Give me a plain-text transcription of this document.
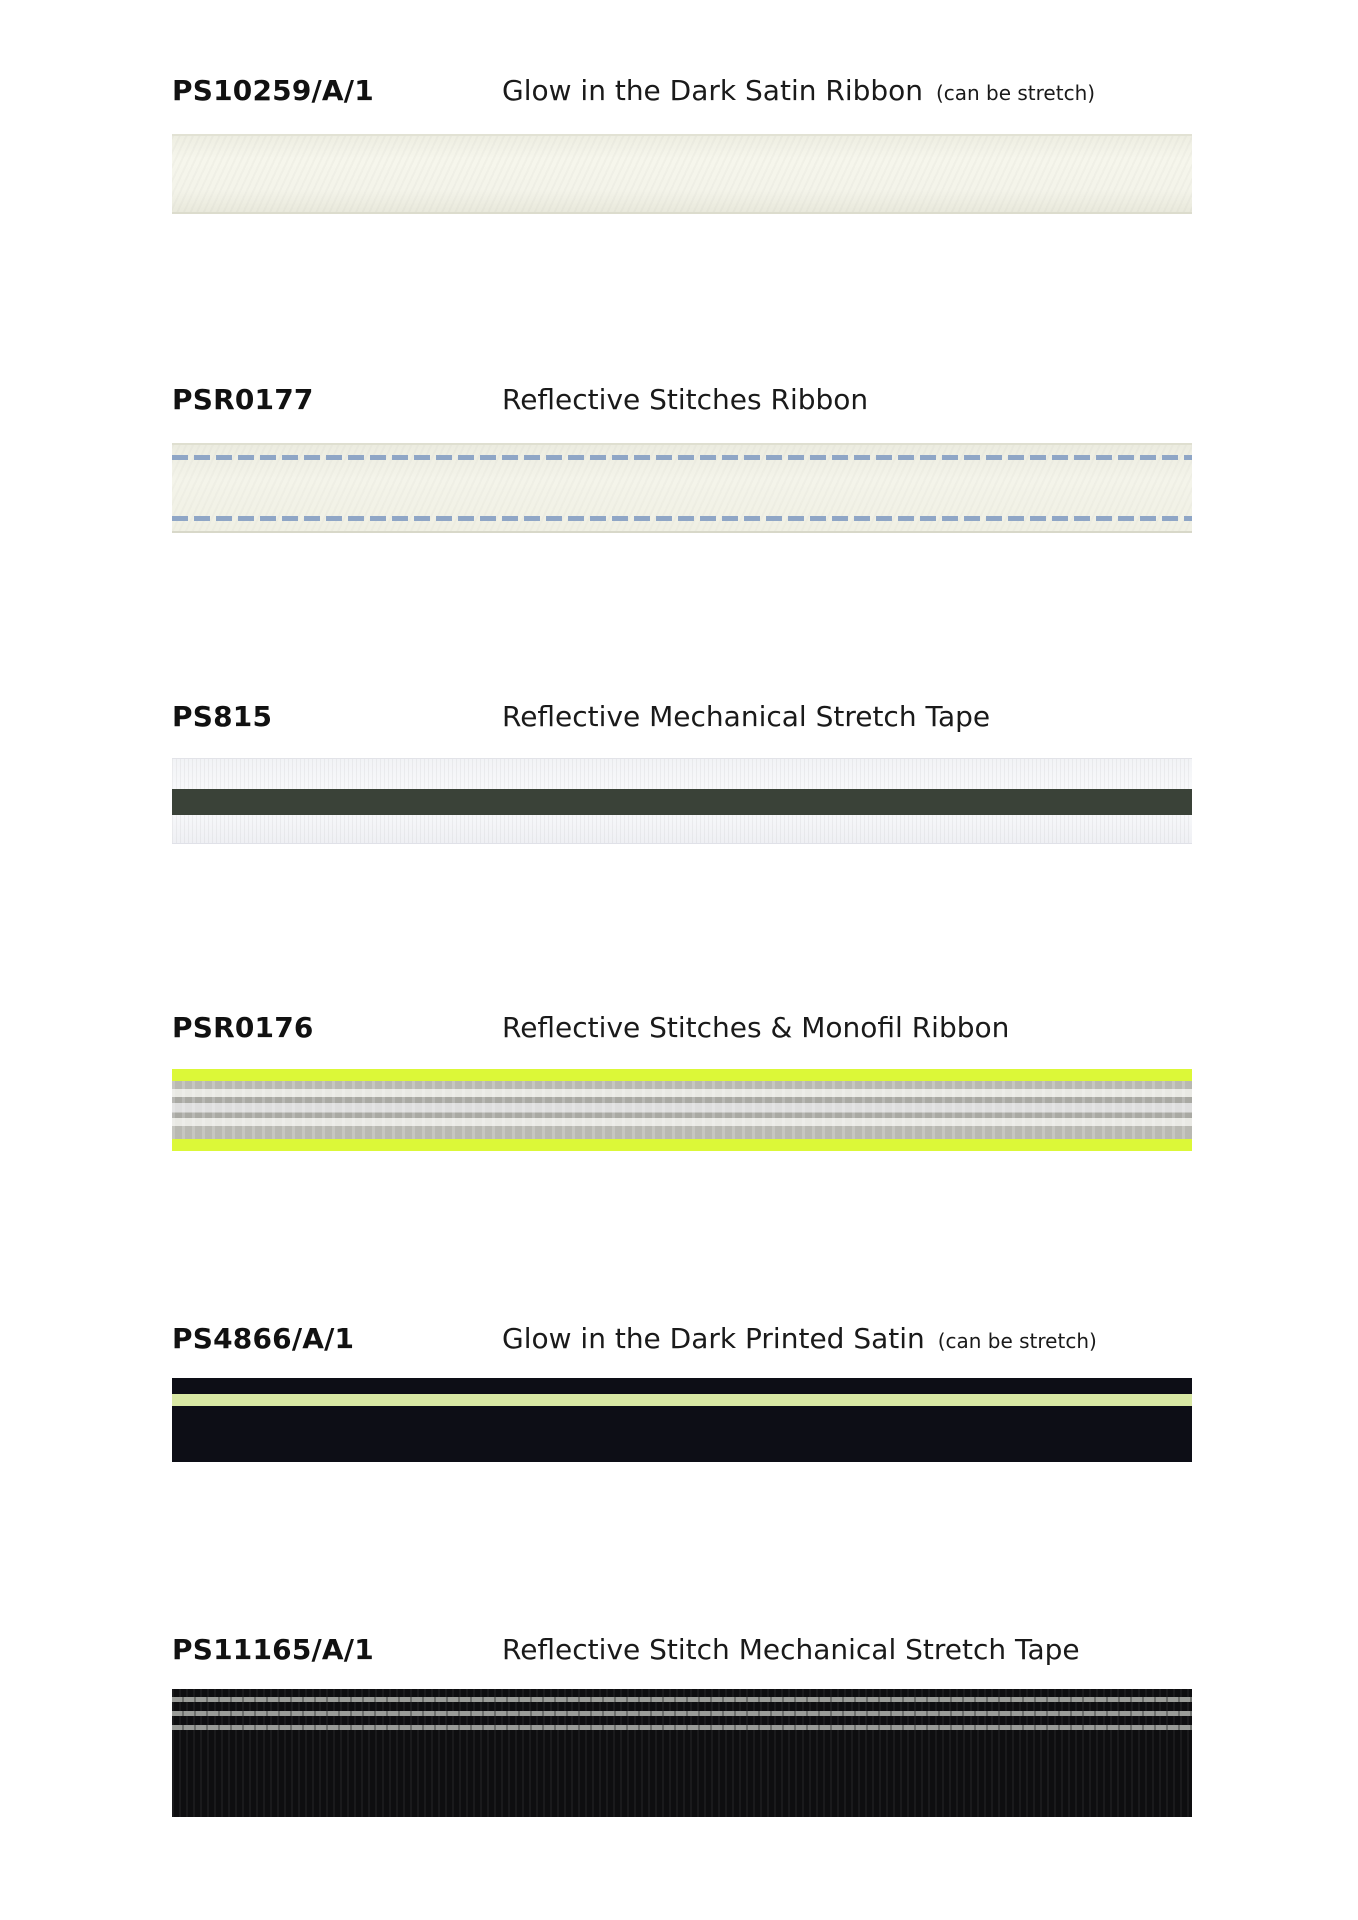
PS10259/A/1	Glow in the Dark Satin Ribbon (can be stretch)
PSR0177	Reflective Stitches Ribbon
PS815	Reflective Mechanical Stretch Tape
PSR0176	Reflective Stitches & Monofil Ribbon
PS4866/A/1	Glow in the Dark Printed Satin (can be stretch)
PS11165/A/1	Reflective Stitch Mechanical Stretch Tape
